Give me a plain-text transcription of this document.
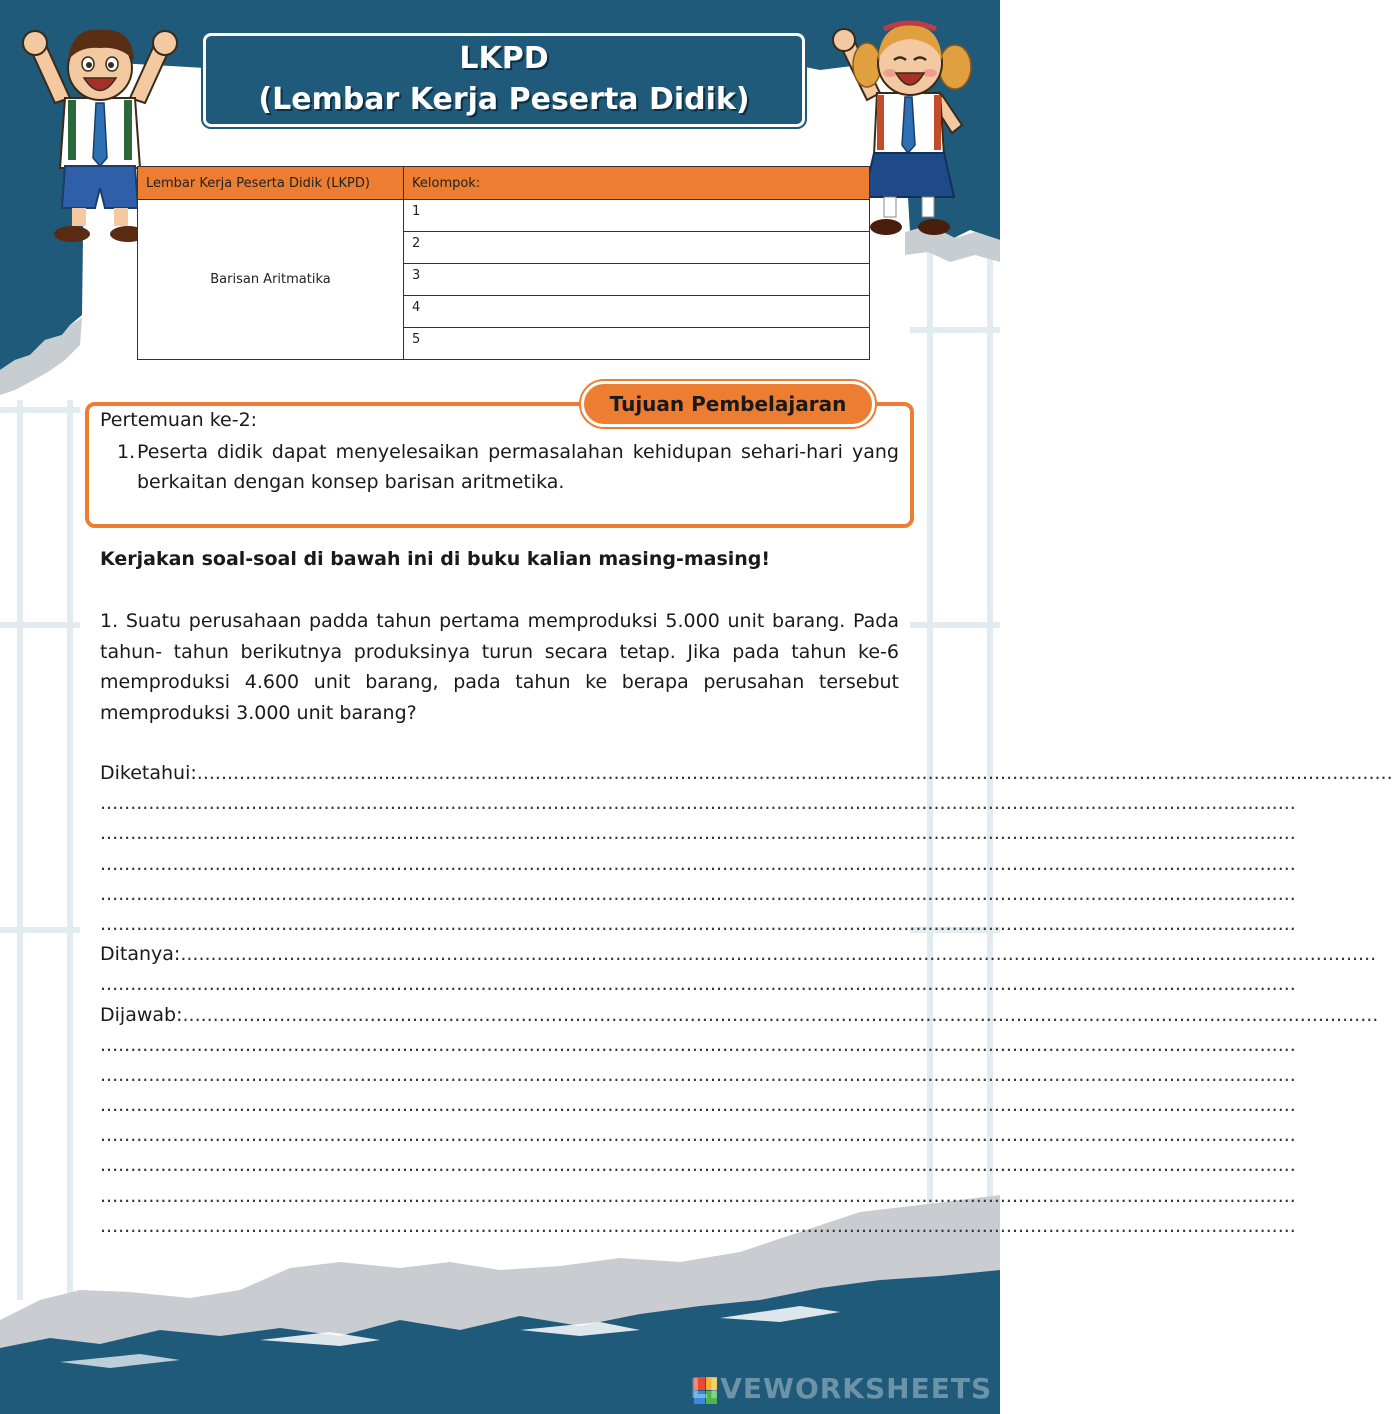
LKPD
(Lembar Kerja Peserta Didik)
Lembar Kerja Peserta Didik (LKPD)	Kelompok:
Barisan Aritmatika	1
	2
	3
	4
	5
Tujuan Pembelajaran
Pertemuan ke-2:
1. Peserta didik dapat menyelesaikan permasalahan kehidupan sehari-hari yang berkaitan dengan konsep barisan aritmetika.
Kerjakan soal-soal di bawah ini di buku kalian masing-masing!
1. Suatu perusahaan padda tahun pertama memproduksi 5.000 unit barang. Pada tahun- tahun berikutnya produksinya turun secara tetap. Jika pada tahun ke-6 memproduksi 4.600 unit barang, pada tahun ke berapa perusahan tersebut memproduksi 3.000 unit barang?
Diketahui: ......................................................................................................................................................................................................
......................................................................................................................................................................................................
......................................................................................................................................................................................................
......................................................................................................................................................................................................
......................................................................................................................................................................................................
......................................................................................................................................................................................................
Ditanya: ......................................................................................................................................................................................................
......................................................................................................................................................................................................
Dijawab: ......................................................................................................................................................................................................
......................................................................................................................................................................................................
......................................................................................................................................................................................................
......................................................................................................................................................................................................
......................................................................................................................................................................................................
......................................................................................................................................................................................................
......................................................................................................................................................................................................
......................................................................................................................................................................................................
LIVEWORKSHEETS
